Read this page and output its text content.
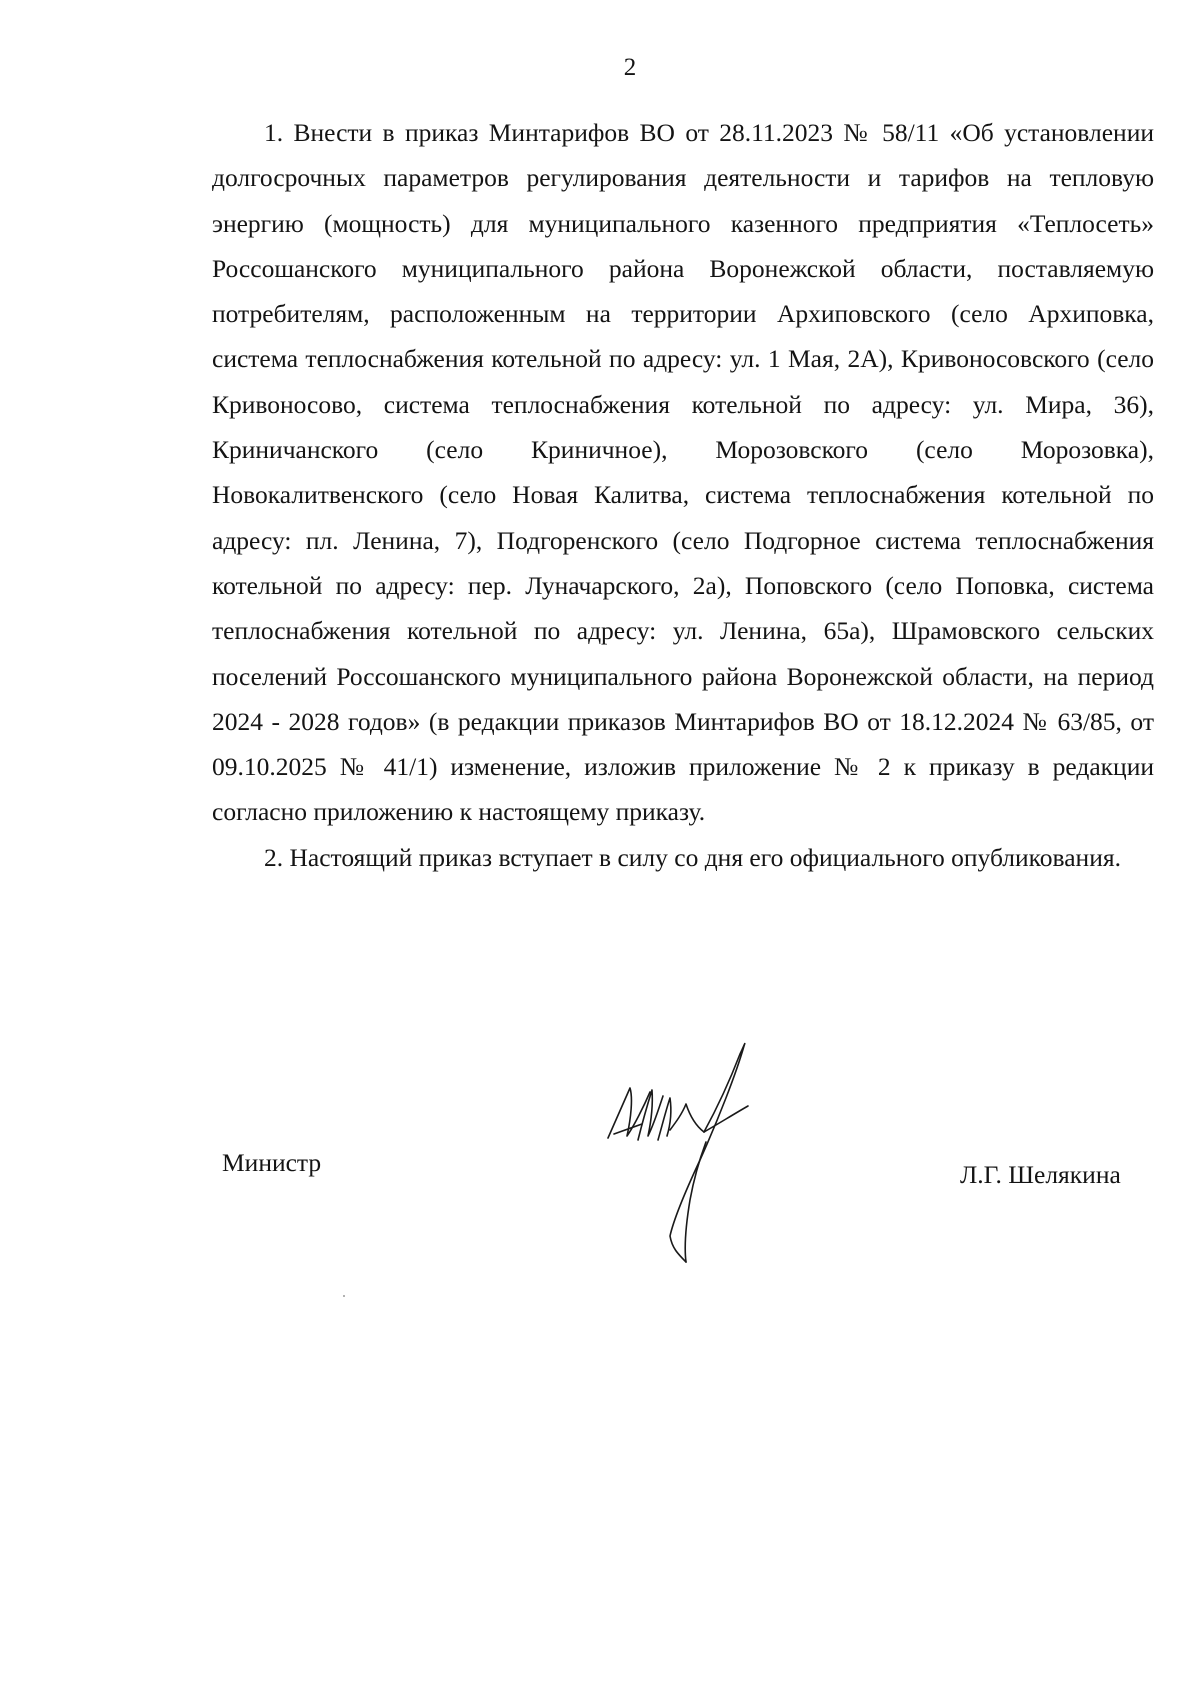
2

1. Внести в приказ Минтарифов ВО от 28.11.2023 № 58/11 «Об установлении долгосрочных параметров регулирования деятельности и тарифов на тепловую энергию (мощность) для муниципального казенного предприятия «Теплосеть» Россошанского муниципального района Воронежской области, поставляемую потребителям, расположенным на территории Архиповского (село Архиповка, система теплоснабжения котельной по адресу: ул. 1 Мая, 2А), Кривоносовского (село Кривоносово, система теплоснабжения котельной по адресу: ул. Мира, 36), Криничанского (село Криничное), Морозовского (село Морозовка), Новокалитвенского (село Новая Калитва, система теплоснабжения котельной по адресу: пл. Ленина, 7), Подгоренского (село Подгорное система теплоснабжения котельной по адресу: пер. Луначарского, 2а), Поповского (село Поповка, система теплоснабжения котельной по адресу: ул. Ленина, 65а), Шрамовского сельских поселений Россошанского муниципального района Воронежской области, на период 2024 - 2028 годов» (в редакции приказов Минтарифов ВО от 18.12.2024 № 63/85, от 09.10.2025 № 41/1) изменение, изложив приложение № 2 к приказу в редакции согласно приложению к настоящему приказу.

2. Настоящий приказ вступает в силу со дня его официального опубликования.

Министр	Л.Г. Шелякина
